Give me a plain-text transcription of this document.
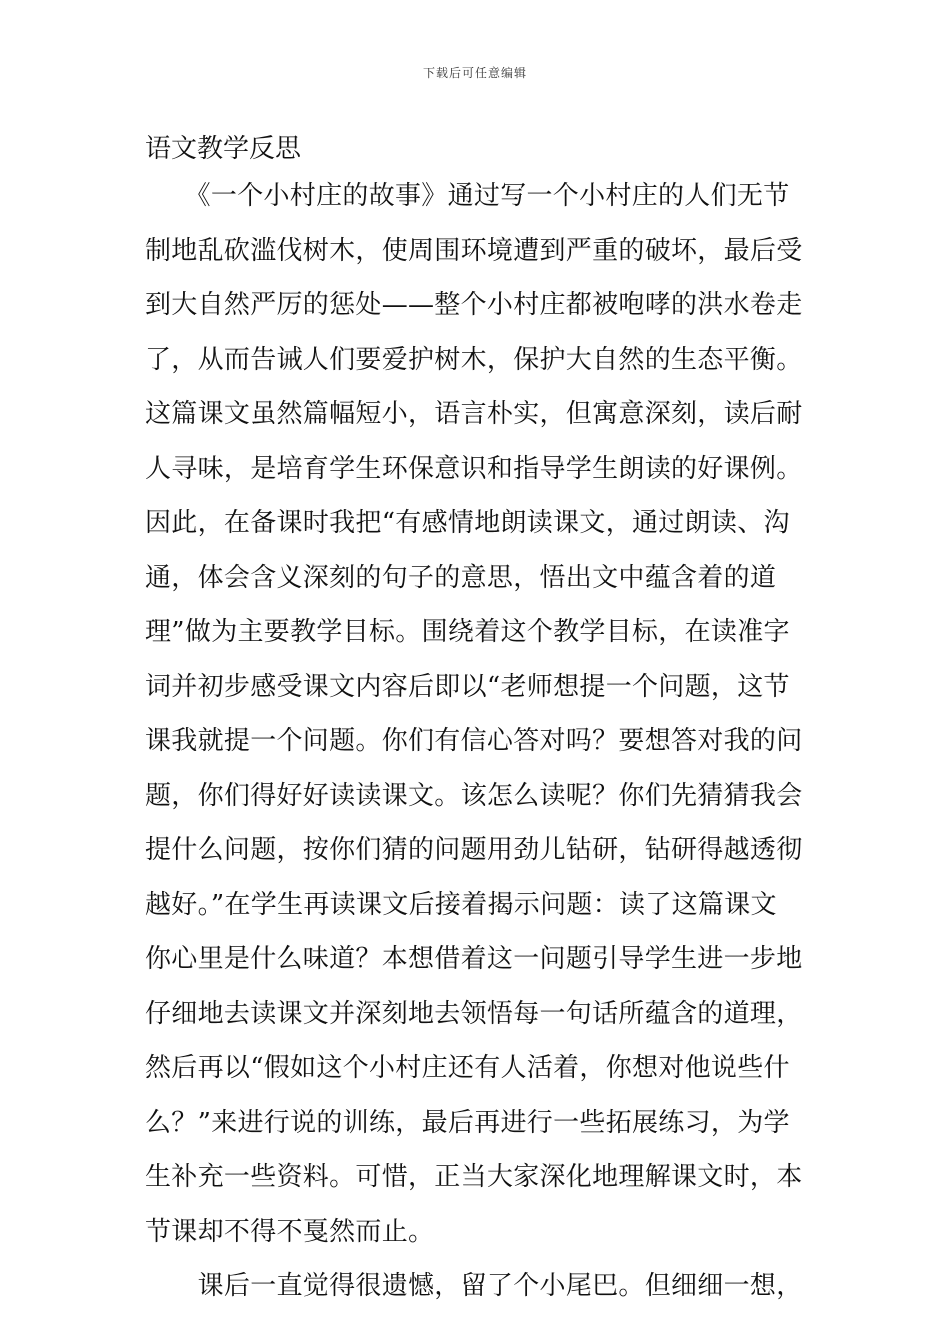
下载后可任意编辑
语文教学反思
　　《一个小村庄的故事》通过写一个小村庄的人们无节
制地乱砍滥伐树木，使周围环境遭到严重的破坏，最后受
到大自然严厉的惩处——整个小村庄都被咆哮的洪水卷走
了，从而告诫人们要爱护树木，保护大自然的生态平衡。
这篇课文虽然篇幅短小，语言朴实，但寓意深刻，读后耐
人寻味，是培育学生环保意识和指导学生朗读的好课例。
因此，在备课时我把“有感情地朗读课文，通过朗读、沟
通，体会含义深刻的句子的意思，悟出文中蕴含着的道
理”做为主要教学目标。围绕着这个教学目标，在读准字
词并初步感受课文内容后即以“老师想提一个问题，这节
课我就提一个问题。你们有信心答对吗？要想答对我的问
题，你们得好好读读课文。该怎么读呢？你们先猜猜我会
提什么问题，按你们猜的问题用劲儿钻研，钻研得越透彻
越好。”在学生再读课文后接着揭示问题：读了这篇课文
你心里是什么味道？本想借着这一问题引导学生进一步地
仔细地去读课文并深刻地去领悟每一句话所蕴含的道理，
然后再以“假如这个小村庄还有人活着，你想对他说些什
么？”来进行说的训练，最后再进行一些拓展练习，为学
生补充一些资料。可惜，正当大家深化地理解课文时，本
节课却不得不戛然而止。
　　课后一直觉得很遗憾，留了个小尾巴。但细细一想，
